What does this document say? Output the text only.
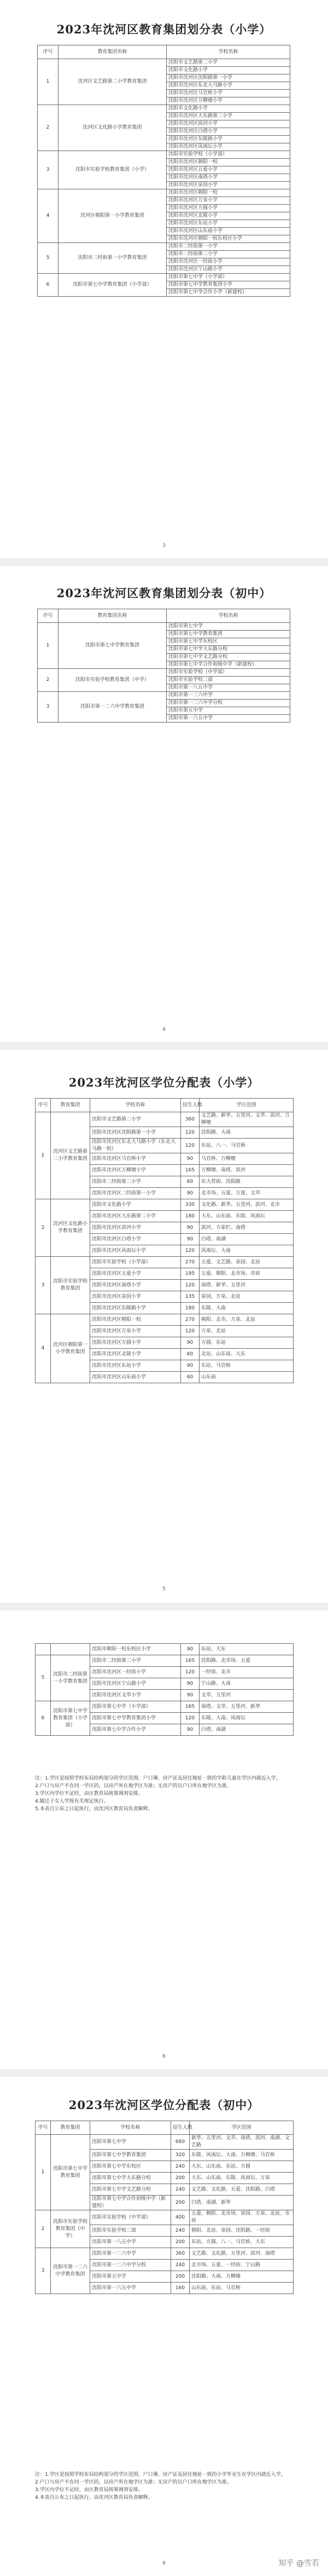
2023年沈河区教育集团划分表（小学）
序号	教育集团名称	学校名称
1	沈河区文艺路第二小学教育集团	沈阳市文艺路第二小学
		沈阳市文化路小学
		沈阳市沈河区沈阳路第一小学
		沈阳市沈河区东北大马路小学
		沈阳市沈河区马官桥小学
		沈阳市沈河区万柳塘小学
2	沈河区文化路小学教育集团	沈阳市文化路小学
		沈阳市沈河区大东路第二小学
		沈阳市沈河区滨河小学
		沈阳市沈河区白塔小学
		沈阳市沈河区东陵路小学
		沈阳市沈河区风雨坛小学
3	沈阳市实验学校教育集团（小学）	沈阳市实验学校（小学部）
		沈阳市沈河区朝阳一校
		沈阳市沈河区五爱小学
		沈阳市沈河区南塔小学
		沈阳市沈河区泉园小学
4	沈河区朝阳第一小学教育集团	沈阳市沈河区朝阳一校
		沈阳市沈河区万泉小学
		沈阳市沈河区方圆小学
		沈阳市沈河区北陵小学
		沈阳市沈河区东站小学
		沈阳市沈河区山东庙小学
		沈阳市沈河区朝阳一校东校区小学
5	沈阳市二经街第一小学教育集团	沈阳市二经街第一小学
		沈阳市二经街第二小学
		沈阳市沈河区一经街小学
		沈阳市沈河区宁山路小学
6	沈阳市第七中学教育集团（小学部）	沈阳市第七中学（小学部）
		沈阳市第七中学教育集团小学
		沈阳市第七中学合作小学（新建校）
3
2023年沈河区教育集团划分表（初中）
序号	教育集团名称	学校名称
1	沈阳市第七中学教育集团	沈阳市第七中学
		沈阳市第七中学教育集团
		沈阳市第七中学东校区
		沈阳市第七中学大东路分校
		沈阳市第七中学文艺路分校
		沈阳市第七中学合作初级中学（新建校）
2	沈阳市实验学校教育集团（中学）	沈阳市实验学校（中学部）
		沈阳市实验学校二部
		沈阳市第一八五中学
3	沈阳市第一二六中学教育集团	沈阳市第一二六中学
		沈阳市第一二六中学分校
		沈阳市第五中学
		沈阳市第一六五中学
4
2023年沈河区学位分配表（小学）
序号	教育集团	学校名称	招生人数	学区范围
1	沈河区文艺路第二小学教育集团	沈阳市文艺路第二小学	360	文艺路、新华、五里河、文萃、滨河、万柳塘
		沈阳市沈河区沈阳路第一小学	120	沈阳路、大南
		沈阳市沈河区东北大马路小学（东北大马路一校）	120	东站、八一、马官桥
		沈阳市沈河区马官桥小学	90	马官桥、万柳塘
		沈阳市沈河区万柳塘小学	165	万柳塘、南塔、滨河
		沈阳市二经街第二小学	60	东大营街、沈阳路
		沈阳市沈河区二经街第一小学	90	北市场、五爱、万莲、文萃
2	沈河区文化路小学教育集团	沈阳市文化路小学	330	文化路、新华、五里河、滨河、北市
		沈阳市沈河区大东路第二小学	180	大东、山东庙、东陵、风雨坛
		沈阳市沈河区滨河小学	90	滨河、方家栏、南塔
		沈阳市沈河区白塔小学	90	白塔、南湖
		沈阳市沈河区风雨坛小学	120	风雨坛、大南
3	沈阳市实验学校教育集团	沈阳市实验学校（小学部）	270	五爱、文艺路、泉园、北站
		沈阳市沈河区五爱小学	195	五爱、朝阳、北市场、市府
		沈阳市沈河区南塔小学	120	南塔、新华、五里河
		沈阳市沈河区泉园小学	135	泉园、万泉、北站
		沈阳市沈河区东陵路小学	180	东陵、大南
4	沈河区朝阳第一小学教育集团	沈阳市沈河区朝阳一校	270	朝阳、北市、万泉、北站
		沈阳市沈河区万泉小学	120	万泉、北站
		沈阳市沈河区方圆小学	90	方圆、东站
		沈阳市沈河区北陵小学	60	北站、山东庙、大东
		沈阳市沈河区东站小学	90	东站、马官桥
		沈阳市沈河区山东庙小学	60	山东庙
5
		沈阳市朝阳一校东校区小学	90	东站、大东
5	沈阳市二经街第一小学教育集团	沈阳市二经街第二小学	165	沈阳路、北市场、五爱
		沈阳市沈河区一经街小学	120	一经街、北市
		沈阳市沈河区宁山路小学	90	宁山路、大南
		沈阳市沈河区文萃小学	90	文萃、五里河
6	沈阳市第七中学教育集团（小学部）	沈阳市第七中学（小学部）	165	南塔、文萃、五里河、新华
		沈阳市第七中学教育集团小学	120	东陵、大南、风雨坛
		沈阳市第七中学合作小学	90	白塔、南湖

注：1.学区是按照学校布局结构划分的学区范围，户口簿、房产证及居住地址一致的学龄儿童在学区内就近入学。

2.户口与房产不在同一学区的，以房产所在地学区为准；无房产的以户口所在地学区为准。

3.学区内学位不足时，由区教育局统筹调剂安排。

4.随迁子女入学按有关规定执行。

5.本表自公布之日起执行，由沈河区教育局负责解释。

6
2023年沈河区学位分配表（初中）
序号	教育集团	学校名称	招生人数	学区范围
1	沈阳市第七中学教育集团	沈阳市第七中学	660	新华、五里河、文萃、南塔、滨河、南湖、文艺路
		沈阳市第七中学教育集团	320	东陵、风雨坛、大南、万柳塘、马官桥
		沈阳市第七中学东校区	240	大东、山东庙、东站、方圆
		沈阳市第七中学大东路分校	200	大东、山东庙、东陵、风雨坛、万泉
		沈阳市第七中学文艺路分校	240	文艺路、文化路、五爱、沈阳路、白塔
		沈阳市第七中学合作初级中学（新建校）	200	白塔、南湖、新华
2	沈阳市实验学校教育集团（中学）	沈阳市实验学校（中学部）	400	五爱、朝阳、北市场、泉园、万泉、北站、市府
		沈阳市实验学校二部	240	朝阳、北站、泉园、沈阳路、一经街
		沈阳市第一八五中学	200	东站、方圆、八一、马官桥、大东
3	沈阳市第一二六中学教育集团	沈阳市第一二六中学	360	文艺路、文化路、五里河、滨河、南塔
		沈阳市第一二六中学分校	240	北市场、五爱、一经街、宁山路
		沈阳市第五中学	200	沈阳路、大南、万柳塘
		沈阳市第一六五中学	160	山东庙、东站、马官桥

注：1.学区是按照学校布局结构划分的学区范围，户口簿、房产证及居住地址一致的小学毕业生在学区内就近入学。

2.户口与房产不在同一学区的，以房产所在地学区为准；无房产的以户口所在地学区为准。

3.学区内学位不足时，由区教育局统筹调剂安排。

4.本表自公布之日起执行，由沈河区教育局负责解释。

9	知乎 @雪若
